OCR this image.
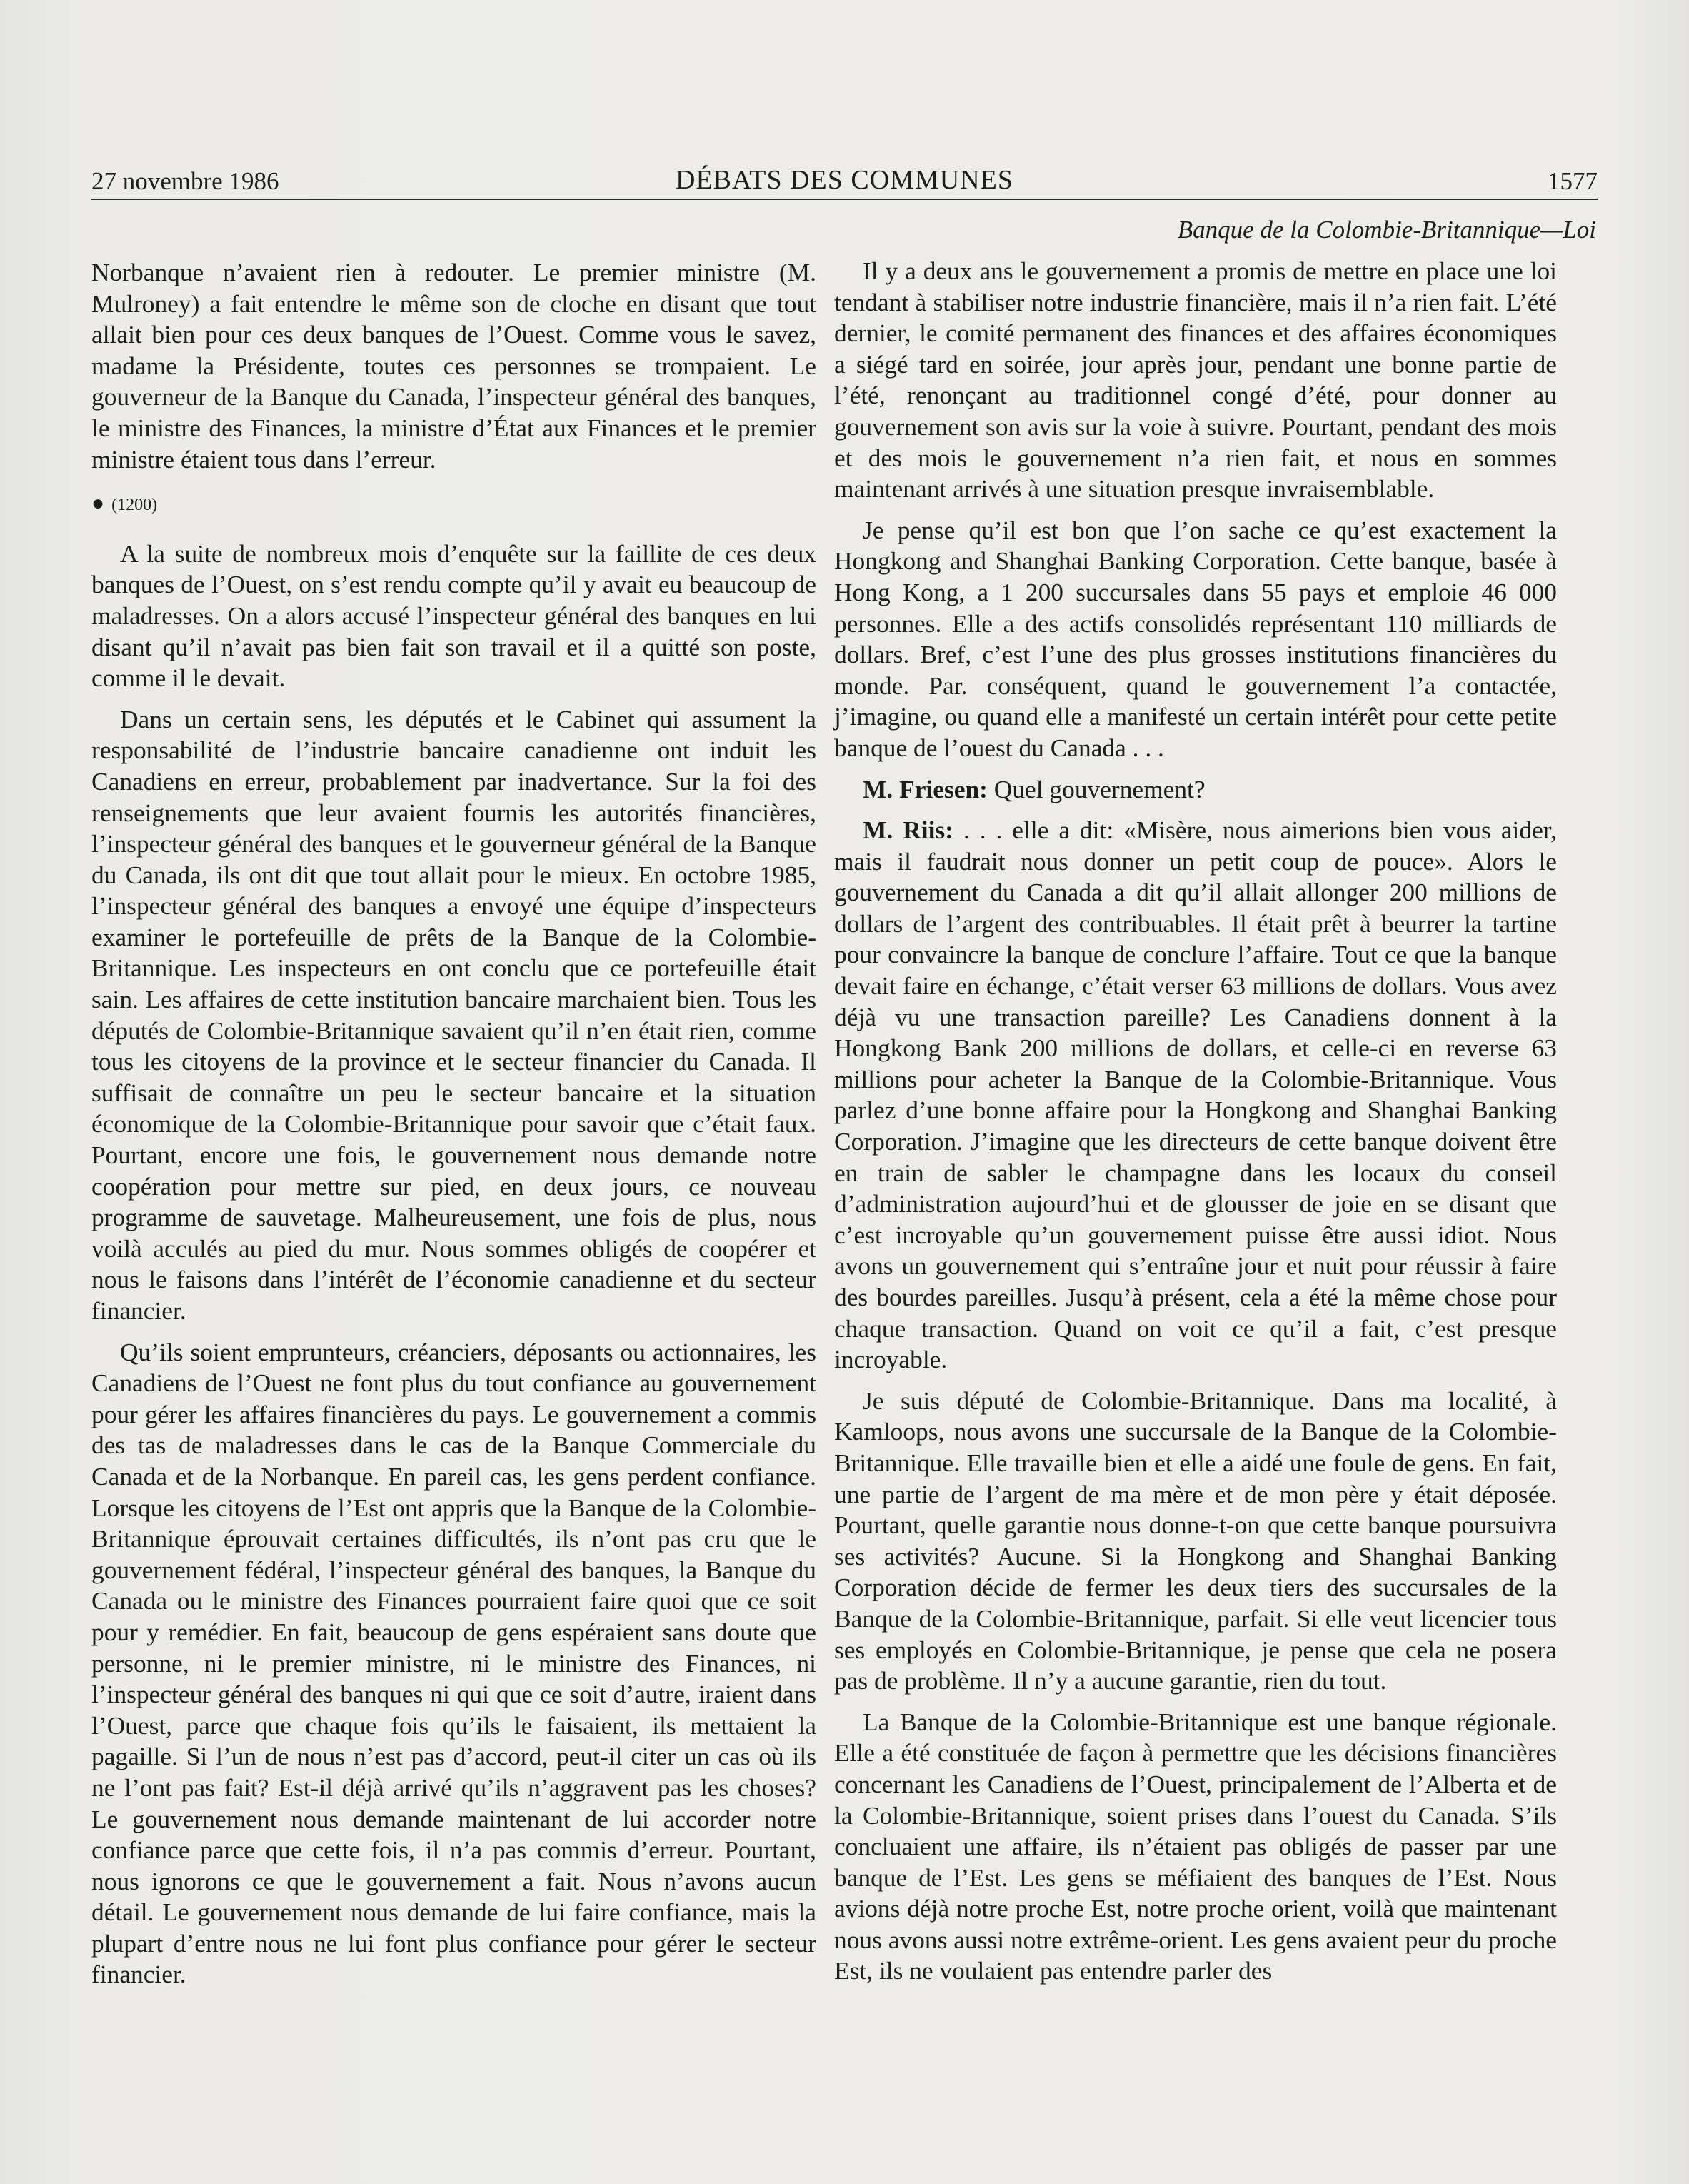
27 novembre 1986	DÉBATS DES COMMUNES	1577
Banque de la Colombie-Britannique—Loi

Norbanque n’avaient rien à redouter. Le premier ministre (M. Mulroney) a fait entendre le même son de cloche en disant que tout allait bien pour ces deux banques de l’Ouest. Comme vous le savez, madame la Présidente, toutes ces personnes se trompaient. Le gouverneur de la Banque du Canada, l’inspecteur général des banques, le ministre des Finances, la ministre d’État aux Finances et le premier ministre étaient tous dans l’erreur.

● (1200)

A la suite de nombreux mois d’enquête sur la faillite de ces deux banques de l’Ouest, on s’est rendu compte qu’il y avait eu beaucoup de maladresses. On a alors accusé l’inspecteur général des banques en lui disant qu’il n’avait pas bien fait son travail et il a quitté son poste, comme il le devait.

Dans un certain sens, les députés et le Cabinet qui assument la responsabilité de l’industrie bancaire canadienne ont induit les Canadiens en erreur, probablement par inadvertance. Sur la foi des renseignements que leur avaient fournis les autorités financières, l’inspecteur général des banques et le gouverneur général de la Banque du Canada, ils ont dit que tout allait pour le mieux. En octobre 1985, l’inspecteur général des banques a envoyé une équipe d’inspecteurs examiner le portefeuille de prêts de la Banque de la Colombie-Britannique. Les inspecteurs en ont conclu que ce portefeuille était sain. Les affaires de cette institution bancaire marchaient bien. Tous les députés de Colombie-Britannique savaient qu’il n’en était rien, comme tous les citoyens de la province et le secteur financier du Canada. Il suffisait de connaître un peu le secteur bancaire et la situation économique de la Colombie-Britannique pour savoir que c’était faux. Pourtant, encore une fois, le gouvernement nous demande notre coopération pour mettre sur pied, en deux jours, ce nouveau programme de sauvetage. Malheureusement, une fois de plus, nous voilà acculés au pied du mur. Nous sommes obligés de coopérer et nous le faisons dans l’intérêt de l’économie canadienne et du secteur financier.

Qu’ils soient emprunteurs, créanciers, déposants ou actionnaires, les Canadiens de l’Ouest ne font plus du tout confiance au gouvernement pour gérer les affaires financières du pays. Le gouvernement a commis des tas de maladresses dans le cas de la Banque Commerciale du Canada et de la Norbanque. En pareil cas, les gens perdent confiance. Lorsque les citoyens de l’Est ont appris que la Banque de la Colombie-Britannique éprouvait certaines difficultés, ils n’ont pas cru que le gouvernement fédéral, l’inspecteur général des banques, la Banque du Canada ou le ministre des Finances pourraient faire quoi que ce soit pour y remédier. En fait, beaucoup de gens espéraient sans doute que personne, ni le premier ministre, ni le ministre des Finances, ni l’inspecteur général des banques ni qui que ce soit d’autre, iraient dans l’Ouest, parce que chaque fois qu’ils le faisaient, ils mettaient la pagaille. Si l’un de nous n’est pas d’accord, peut-il citer un cas où ils ne l’ont pas fait? Est-il déjà arrivé qu’ils n’aggravent pas les choses? Le gouvernement nous demande maintenant de lui accorder notre confiance parce que cette fois, il n’a pas commis d’erreur. Pourtant, nous ignorons ce que le gouvernement a fait. Nous n’avons aucun détail. Le gouvernement nous demande de lui faire confiance, mais la plupart d’entre nous ne lui font plus confiance pour gérer le secteur financier.

Il y a deux ans le gouvernement a promis de mettre en place une loi tendant à stabiliser notre industrie financière, mais il n’a rien fait. L’été dernier, le comité permanent des finances et des affaires économiques a siégé tard en soirée, jour après jour, pendant une bonne partie de l’été, renonçant au traditionnel congé d’été, pour donner au gouvernement son avis sur la voie à suivre. Pourtant, pendant des mois et des mois le gouvernement n’a rien fait, et nous en sommes maintenant arrivés à une situation presque invraisemblable.

Je pense qu’il est bon que l’on sache ce qu’est exactement la Hongkong and Shanghai Banking Corporation. Cette banque, basée à Hong Kong, a 1 200 succursales dans 55 pays et emploie 46 000 personnes. Elle a des actifs consolidés représentant 110 milliards de dollars. Bref, c’est l’une des plus grosses institutions financières du monde. Par. conséquent, quand le gouvernement l’a contactée, j’imagine, ou quand elle a manifesté un certain intérêt pour cette petite banque de l’ouest du Canada . . .

M. Friesen: Quel gouvernement?

M. Riis: . . . elle a dit: «Misère, nous aimerions bien vous aider, mais il faudrait nous donner un petit coup de pouce». Alors le gouvernement du Canada a dit qu’il allait allonger 200 millions de dollars de l’argent des contribuables. Il était prêt à beurrer la tartine pour convaincre la banque de conclure l’affaire. Tout ce que la banque devait faire en échange, c’était verser 63 millions de dollars. Vous avez déjà vu une transaction pareille? Les Canadiens donnent à la Hongkong Bank 200 millions de dollars, et celle-ci en reverse 63 millions pour acheter la Banque de la Colombie-Britannique. Vous parlez d’une bonne affaire pour la Hongkong and Shanghai Banking Corporation. J’imagine que les directeurs de cette banque doivent être en train de sabler le champagne dans les locaux du conseil d’administration aujourd’hui et de glousser de joie en se disant que c’est incroyable qu’un gouvernement puisse être aussi idiot. Nous avons un gouvernement qui s’entraîne jour et nuit pour réussir à faire des bourdes pareilles. Jusqu’à présent, cela a été la même chose pour chaque transaction. Quand on voit ce qu’il a fait, c’est presque incroyable.

Je suis député de Colombie-Britannique. Dans ma localité, à Kamloops, nous avons une succursale de la Banque de la Colombie-Britannique. Elle travaille bien et elle a aidé une foule de gens. En fait, une partie de l’argent de ma mère et de mon père y était déposée. Pourtant, quelle garantie nous donne-t-on que cette banque poursuivra ses activités? Aucune. Si la Hongkong and Shanghai Banking Corporation décide de fermer les deux tiers des succursales de la Banque de la Colombie-Britannique, parfait. Si elle veut licencier tous ses employés en Colombie-Britannique, je pense que cela ne posera pas de problème. Il n’y a aucune garantie, rien du tout.

La Banque de la Colombie-Britannique est une banque régionale. Elle a été constituée de façon à permettre que les décisions financières concernant les Canadiens de l’Ouest, principalement de l’Alberta et de la Colombie-Britannique, soient prises dans l’ouest du Canada. S’ils concluaient une affaire, ils n’étaient pas obligés de passer par une banque de l’Est. Les gens se méfiaient des banques de l’Est. Nous avions déjà notre proche Est, notre proche orient, voilà que maintenant nous avons aussi notre extrême-orient. Les gens avaient peur du proche Est, ils ne voulaient pas entendre parler des
